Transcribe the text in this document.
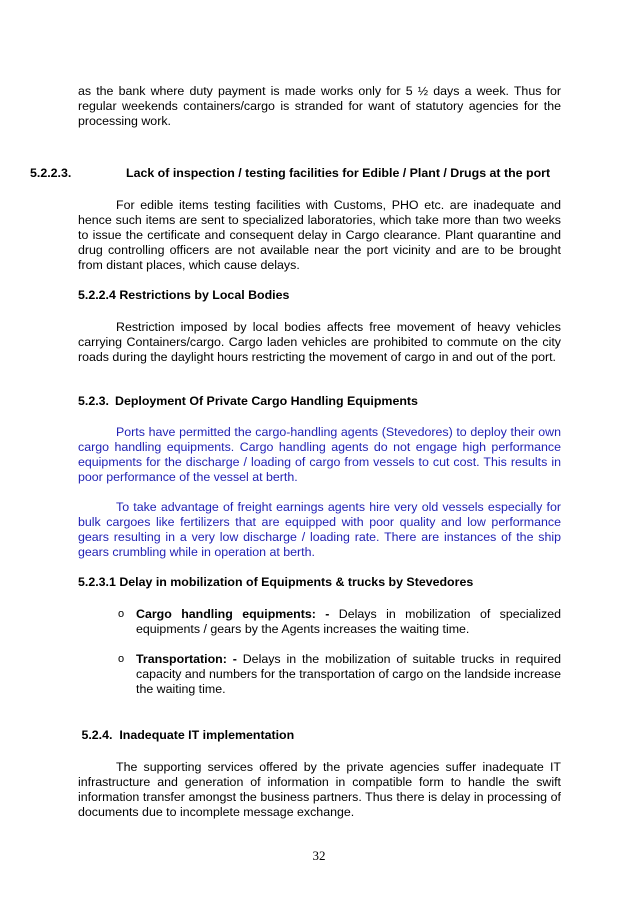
as the bank where duty payment is made works only for 5 ½ days a week. Thus for regular weekends containers/cargo is stranded for want of statutory agencies for the processing work.

5.2.2.3.	Lack of inspection / testing facilities for Edible / Plant / Drugs at the port

For edible items testing facilities with Customs, PHO etc. are inadequate and hence such items are sent to specialized laboratories, which take more than two weeks to issue the certificate and consequent delay in Cargo clearance. Plant quarantine and drug controlling officers are not available near the port vicinity and are to be brought from distant places, which cause delays.

5.2.2.4 Restrictions by Local Bodies

Restriction imposed by local bodies affects free movement of heavy vehicles carrying Containers/cargo. Cargo laden vehicles are prohibited to commute on the city roads during the daylight hours restricting the movement of cargo in and out of the port.

5.2.3. Deployment Of Private Cargo Handling Equipments

Ports have permitted the cargo-handling agents (Stevedores) to deploy their own cargo handling equipments. Cargo handling agents do not engage high performance equipments for the discharge / loading of cargo from vessels to cut cost. This results in poor performance of the vessel at berth.

To take advantage of freight earnings agents hire very old vessels especially for bulk cargoes like fertilizers that are equipped with poor quality and low performance gears resulting in a very low discharge / loading rate. There are instances of the ship gears crumbling while in operation at berth.

5.2.3.1 Delay in mobilization of Equipments & trucks by Stevedores
o Cargo handling equipments: - Delays in mobilization of specialized equipments / gears by the Agents increases the waiting time.
o Transportation: - Delays in the mobilization of suitable trucks in required capacity and numbers for the transportation of cargo on the landside increase the waiting time.
5.2.4.  Inadequate IT implementation

The supporting services offered by the private agencies suffer inadequate IT infrastructure and generation of information in compatible form to handle the swift information transfer amongst the business partners. Thus there is delay in processing of documents due to incomplete message exchange.

32
